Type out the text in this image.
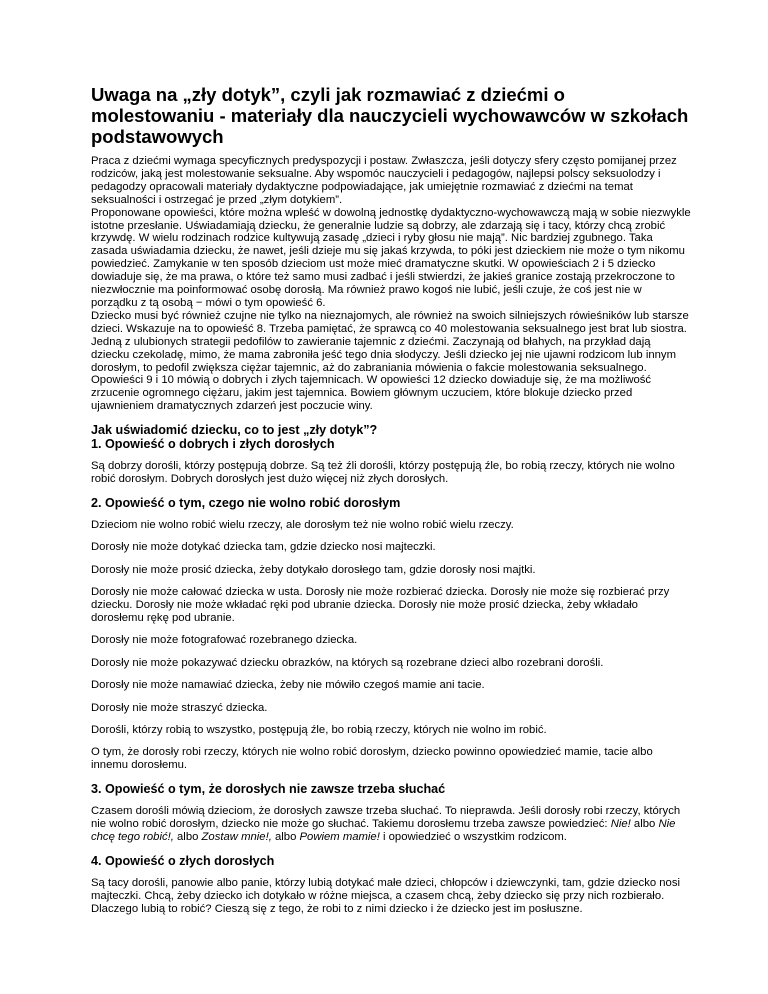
Uwaga na „zły dotyk”, czyli jak rozmawiać z dziećmi o molestowaniu - materiały dla nauczycieli wychowawców w szkołach podstawowych

Praca z dziećmi wymaga specyficznych predyspozycji i postaw. Zwłaszcza, jeśli dotyczy sfery często pomijanej przez rodziców, jaką jest molestowanie seksualne. Aby wspomóc nauczycieli i pedagogów, najlepsi polscy seksuolodzy i pedagodzy opracowali materiały dydaktyczne podpowiadające, jak umiejętnie rozmawiać z dziećmi na temat seksualności i ostrzegać je przed „złym dotykiem”.

Proponowane opowieści, które można wpleść w dowolną jednostkę dydaktyczno-wychowawczą mają w sobie niezwykle istotne przesłanie. Uświadamiają dziecku, że generalnie ludzie są dobrzy, ale zdarzają się i tacy, którzy chcą zrobić krzywdę. W wielu rodzinach rodzice kultywują zasadę „dzieci i ryby głosu nie mają”. Nic bardziej zgubnego. Taka zasada uświadamia dziecku, że nawet, jeśli dzieje mu się jakaś krzywda, to póki jest dzieckiem nie może o tym nikomu powiedzieć. Zamykanie w ten sposób dzieciom ust może mieć dramatyczne skutki. W opowieściach 2 i 5 dziecko dowiaduje się, że ma prawa, o które też samo musi zadbać i jeśli stwierdzi, że jakieś granice zostają przekroczone to niezwłocznie ma poinformować osobę dorosłą. Ma również prawo kogoś nie lubić, jeśli czuje, że coś jest nie w porządku z tą osobą − mówi o tym opowieść 6.

Dziecko musi być również czujne nie tylko na nieznajomych, ale również na swoich silniejszych rówieśników lub starsze dzieci. Wskazuje na to opowieść 8. Trzeba pamiętać, że sprawcą co 40 molestowania seksualnego jest brat lub siostra.

Jedną z ulubionych strategii pedofilów to zawieranie tajemnic z dziećmi. Zaczynają od błahych, na przykład dają dziecku czekoladę, mimo, że mama zabroniła jeść tego dnia słodyczy. Jeśli dziecko jej nie ujawni rodzicom lub innym dorosłym, to pedofil zwiększa ciężar tajemnic, aż do zabraniania mówienia o fakcie molestowania seksualnego. Opowieści 9 i 10 mówią o dobrych i złych tajemnicach. W opowieści 12 dziecko dowiaduje się, że ma możliwość zrzucenie ogromnego ciężaru, jakim jest tajemnica. Bowiem głównym uczuciem, które blokuje dziecko przed ujawnieniem dramatycznych zdarzeń jest poczucie winy.

Jak uświadomić dziecku, co to jest „zły dotyk”?
1. Opowieść o dobrych i złych dorosłych

Są dobrzy dorośli, którzy postępują dobrze. Są też źli dorośli, którzy postępują źle, bo robią rzeczy, których nie wolno robić dorosłym. Dobrych dorosłych jest dużo więcej niż złych dorosłych.

2. Opowieść o tym, czego nie wolno robić dorosłym

Dzieciom nie wolno robić wielu rzeczy, ale dorosłym też nie wolno robić wielu rzeczy.

Dorosły nie może dotykać dziecka tam, gdzie dziecko nosi majteczki.

Dorosły nie może prosić dziecka, żeby dotykało dorosłego tam, gdzie dorosły nosi majtki.

Dorosły nie może całować dziecka w usta. Dorosły nie może rozbierać dziecka. Dorosły nie może się rozbierać przy dziecku. Dorosły nie może wkładać ręki pod ubranie dziecka. Dorosły nie może prosić dziecka, żeby wkładało dorosłemu rękę pod ubranie.

Dorosły nie może fotografować rozebranego dziecka.

Dorosły nie może pokazywać dziecku obrazków, na których są rozebrane dzieci albo rozebrani dorośli.

Dorosły nie może namawiać dziecka, żeby nie mówiło czegoś mamie ani tacie.

Dorosły nie może straszyć dziecka.

Dorośli, którzy robią to wszystko, postępują źle, bo robią rzeczy, których nie wolno im robić.

O tym, że dorosły robi rzeczy, których nie wolno robić dorosłym, dziecko powinno opowiedzieć mamie, tacie albo innemu dorosłemu.

3. Opowieść o tym, że dorosłych nie zawsze trzeba słuchać

Czasem dorośli mówią dzieciom, że dorosłych zawsze trzeba słuchać. To nieprawda. Jeśli dorosły robi rzeczy, których nie wolno robić dorosłym, dziecko nie może go słuchać. Takiemu dorosłemu trzeba zawsze powiedzieć: Nie! albo Nie chcę tego robić!, albo Zostaw mnie!, albo Powiem mamie! i opowiedzieć o wszystkim rodzicom.

4. Opowieść o złych dorosłych

Są tacy dorośli, panowie albo panie, którzy lubią dotykać małe dzieci, chłopców i dziewczynki, tam, gdzie dziecko nosi majteczki. Chcą, żeby dziecko ich dotykało w różne miejsca, a czasem chcą, żeby dziecko się przy nich rozbierało. Dlaczego lubią to robić? Cieszą się z tego, że robi to z nimi dziecko i że dziecko jest im posłuszne.
